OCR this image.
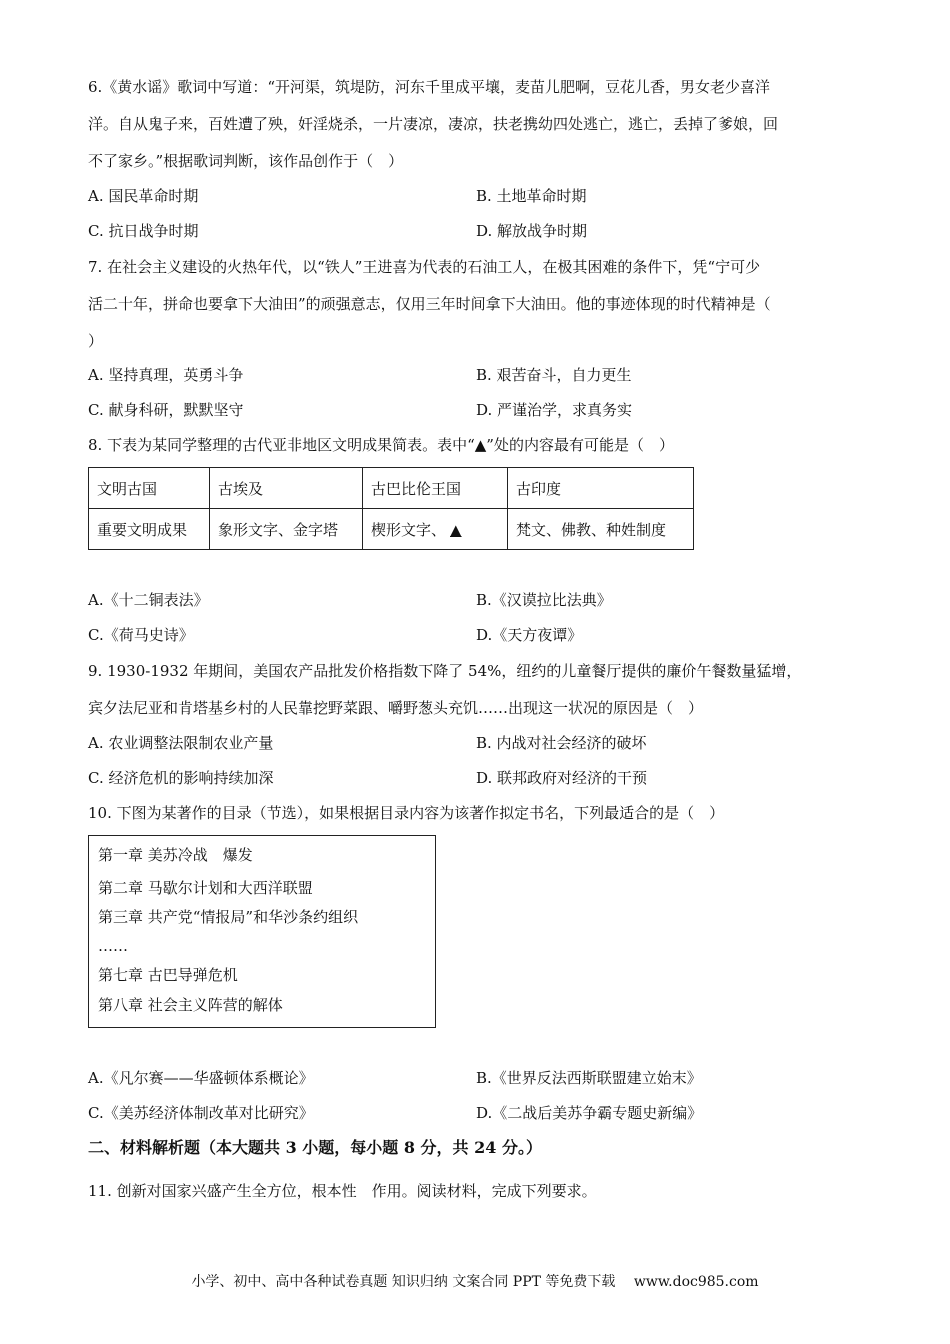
6.《黄水谣》歌词中写道：“开河渠，筑堤防，河东千里成平壤，麦苗儿肥啊，豆花儿香，男女老少喜洋
洋。自从鬼子来，百姓遭了殃，奸淫烧杀，一片凄凉，凄凉，扶老携幼四处逃亡，逃亡，丢掉了爹娘，回
不了家乡。”根据歌词判断，该作品创作于（　）
A. 国民革命时期	B. 土地革命时期
C. 抗日战争时期	D. 解放战争时期
7. 在社会主义建设的火热年代，以“铁人”王进喜为代表的石油工人，在极其困难的条件下，凭“宁可少
活二十年，拼命也要拿下大油田”的顽强意志，仅用三年时间拿下大油田。他的事迹体现的时代精神是（
）
A. 坚持真理，英勇斗争	B. 艰苦奋斗，自力更生
C. 献身科研，默默坚守	D. 严谨治学，求真务实
8. 下表为某同学整理的古代亚非地区文明成果简表。表中“▲”处的内容最有可能是（　）
文明古国	古埃及	古巴比伦王国	古印度
重要文明成果	象形文字、金字塔	楔形文字、 ▲	梵文、佛教、种姓制度
A.《十二铜表法》	B.《汉谟拉比法典》
C.《荷马史诗》	D.《天方夜谭》
9. 1930-1932 年期间，美国农产品批发价格指数下降了 54%，纽约的儿童餐厅提供的廉价午餐数量猛增，
宾夕法尼亚和肯塔基乡村的人民靠挖野菜跟、嚼野葱头充饥……出现这一状况的原因是（　）
A. 农业调整法限制农业产量	B. 内战对社会经济的破坏
C. 经济危机的影响持续加深	D. 联邦政府对经济的干预
10. 下图为某著作的目录（节选），如果根据目录内容为该著作拟定书名，下列最适合的是（　）
第一章 美苏冷战　爆发
第二章 马歇尔计划和大西洋联盟
第三章 共产党“情报局”和华沙条约组织
……
第七章 古巴导弹危机
第八章 社会主义阵营的解体
A.《凡尔赛——华盛顿体系概论》	B.《世界反法西斯联盟建立始末》
C.《美苏经济体制改革对比研究》	D.《二战后美苏争霸专题史新编》
二、材料解析题（本大题共 3 小题，每小题 8 分，共 24 分。）
11. 创新对国家兴盛产生全方位，根本性　作用。阅读材料，完成下列要求。
小学、初中、高中各种试卷真题 知识归纳 文案合同 PPT 等免费下载　 www.doc985.com
